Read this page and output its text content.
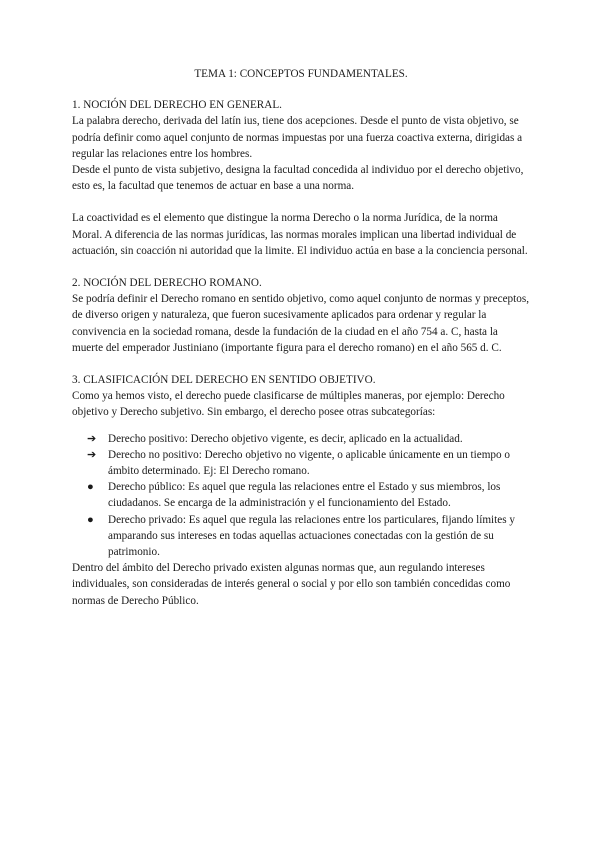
TEMA 1: CONCEPTOS FUNDAMENTALES.

1. NOCIÓN DEL DERECHO EN GENERAL.

La palabra derecho, derivada del latín ius, tiene dos acepciones. Desde el punto de vista objetivo, se podría definir como aquel conjunto de normas impuestas por una fuerza coactiva externa, dirigidas a regular las relaciones entre los hombres.

Desde el punto de vista subjetivo, designa la facultad concedida al individuo por el derecho objetivo, esto es, la facultad que tenemos de actuar en base a una norma.

La coactividad es el elemento que distingue la norma Derecho o la norma Jurídica, de la norma Moral. A diferencia de las normas jurídicas, las normas morales implican una libertad individual de actuación, sin coacción ni autoridad que la limite. El individuo actúa en base a la conciencia personal.

2. NOCIÓN DEL DERECHO ROMANO.

Se podría definir el Derecho romano en sentido objetivo, como aquel conjunto de normas y preceptos, de diverso origen y naturaleza, que fueron sucesivamente aplicados para ordenar y regular la convivencia en la sociedad romana, desde la fundación de la ciudad en el año 754 a. C, hasta la muerte del emperador Justiniano (importante figura para el derecho romano) en el año 565 d. C.

3. CLASIFICACIÓN DEL DERECHO EN SENTIDO OBJETIVO.

Como ya hemos visto, el derecho puede clasificarse de múltiples maneras, por ejemplo: Derecho objetivo y Derecho subjetivo. Sin embargo, el derecho posee otras subcategorías:

➔	Derecho positivo: Derecho objetivo vigente, es decir, aplicado en la actualidad.
➔	Derecho no positivo: Derecho objetivo no vigente, o aplicable únicamente en un tiempo o ámbito determinado. Ej: El Derecho romano.
●	Derecho público: Es aquel que regula las relaciones entre el Estado y sus miembros, los ciudadanos. Se encarga de la administración y el funcionamiento del Estado.
●	Derecho privado: Es aquel que regula las relaciones entre los particulares, fijando límites y amparando sus intereses en todas aquellas actuaciones conectadas con la gestión de su patrimonio.

Dentro del ámbito del Derecho privado existen algunas normas que, aun regulando intereses individuales, son consideradas de interés general o social y por ello son también concedidas como normas de Derecho Público.
